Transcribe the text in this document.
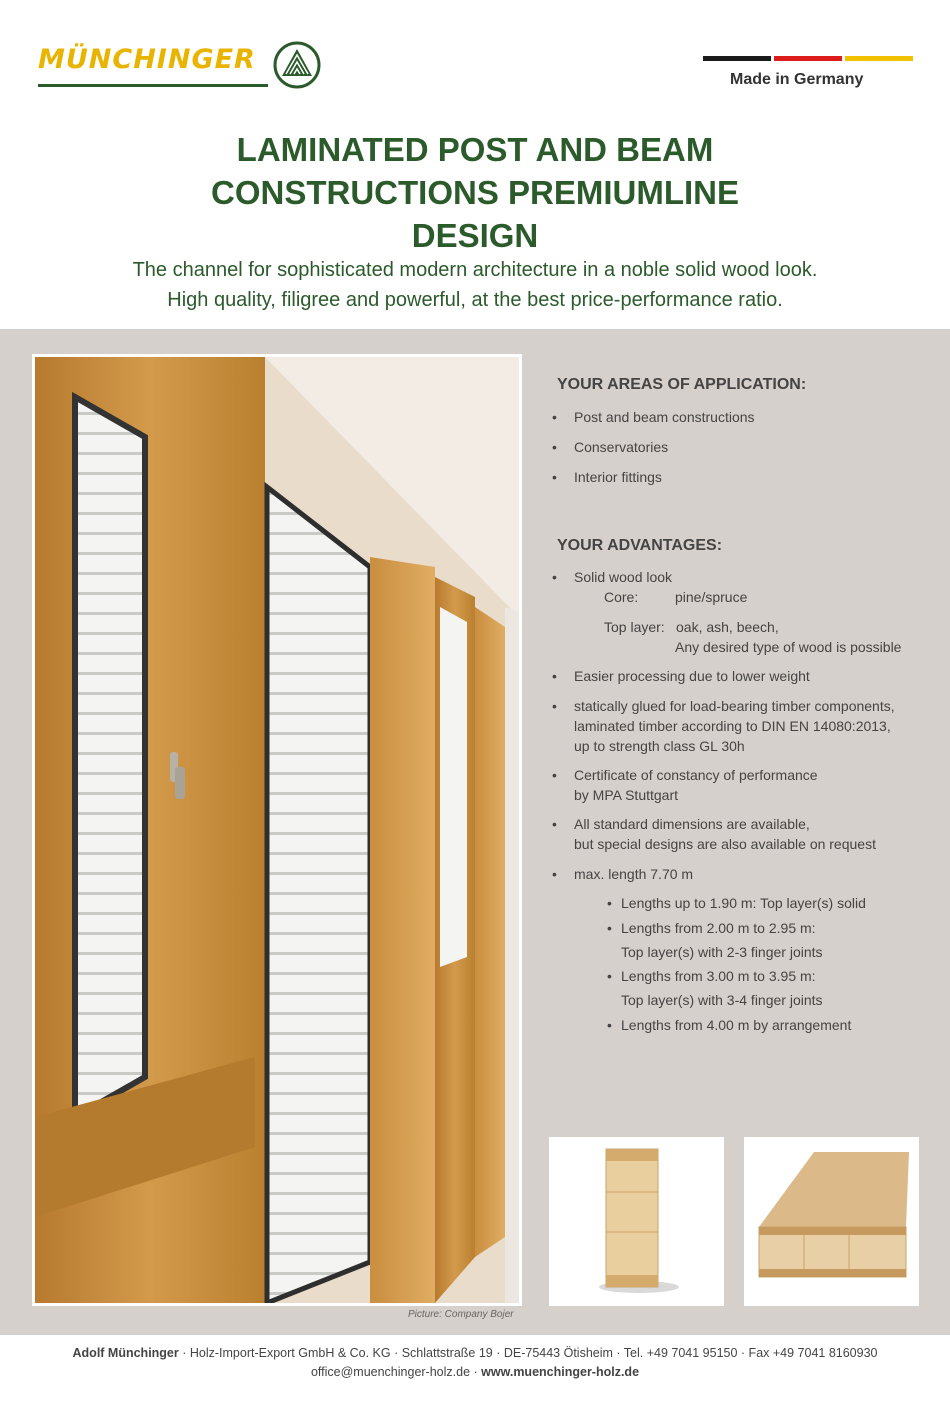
MÜNCHINGER
Made in Germany
LAMINATED POST AND BEAM
CONSTRUCTIONS PREMIUMLINE
DESIGN
The channel for sophisticated modern architecture in a noble solid wood look.
High quality, filigree and powerful, at the best price-performance ratio.
Picture: Company Bojer
YOUR AREAS OF APPLICATION:
• Post and beam constructions
• Conservatories
• Interior fittings
YOUR ADVANTAGES:
• Solid wood look
Core:	pine/spruce
Top layer: oak, ash, beech,
Any desired type of wood is possible
• Easier processing due to lower weight
• statically glued for load-bearing timber components,
laminated timber according to DIN EN 14080:2013,
up to strength class GL 30h
• Certificate of constancy of performance
by MPA Stuttgart
• All standard dimensions are available,
but special designs are also available on request
• max. length 7.70 m
• Lengths up to 1.90 m: Top layer(s) solid
• Lengths from 2.00 m to 2.95 m:
Top layer(s) with 2-3 finger joints
• Lengths from 3.00 m to 3.95 m:
Top layer(s) with 3-4 finger joints
• Lengths from 4.00 m by arrangement
Adolf Münchinger · Holz-Import-Export GmbH & Co. KG · Schlattstraße 19 · DE-75443 Ötisheim · Tel. +49 7041 95150 · Fax +49 7041 8160930
office@muenchinger-holz.de · www.muenchinger-holz.de
